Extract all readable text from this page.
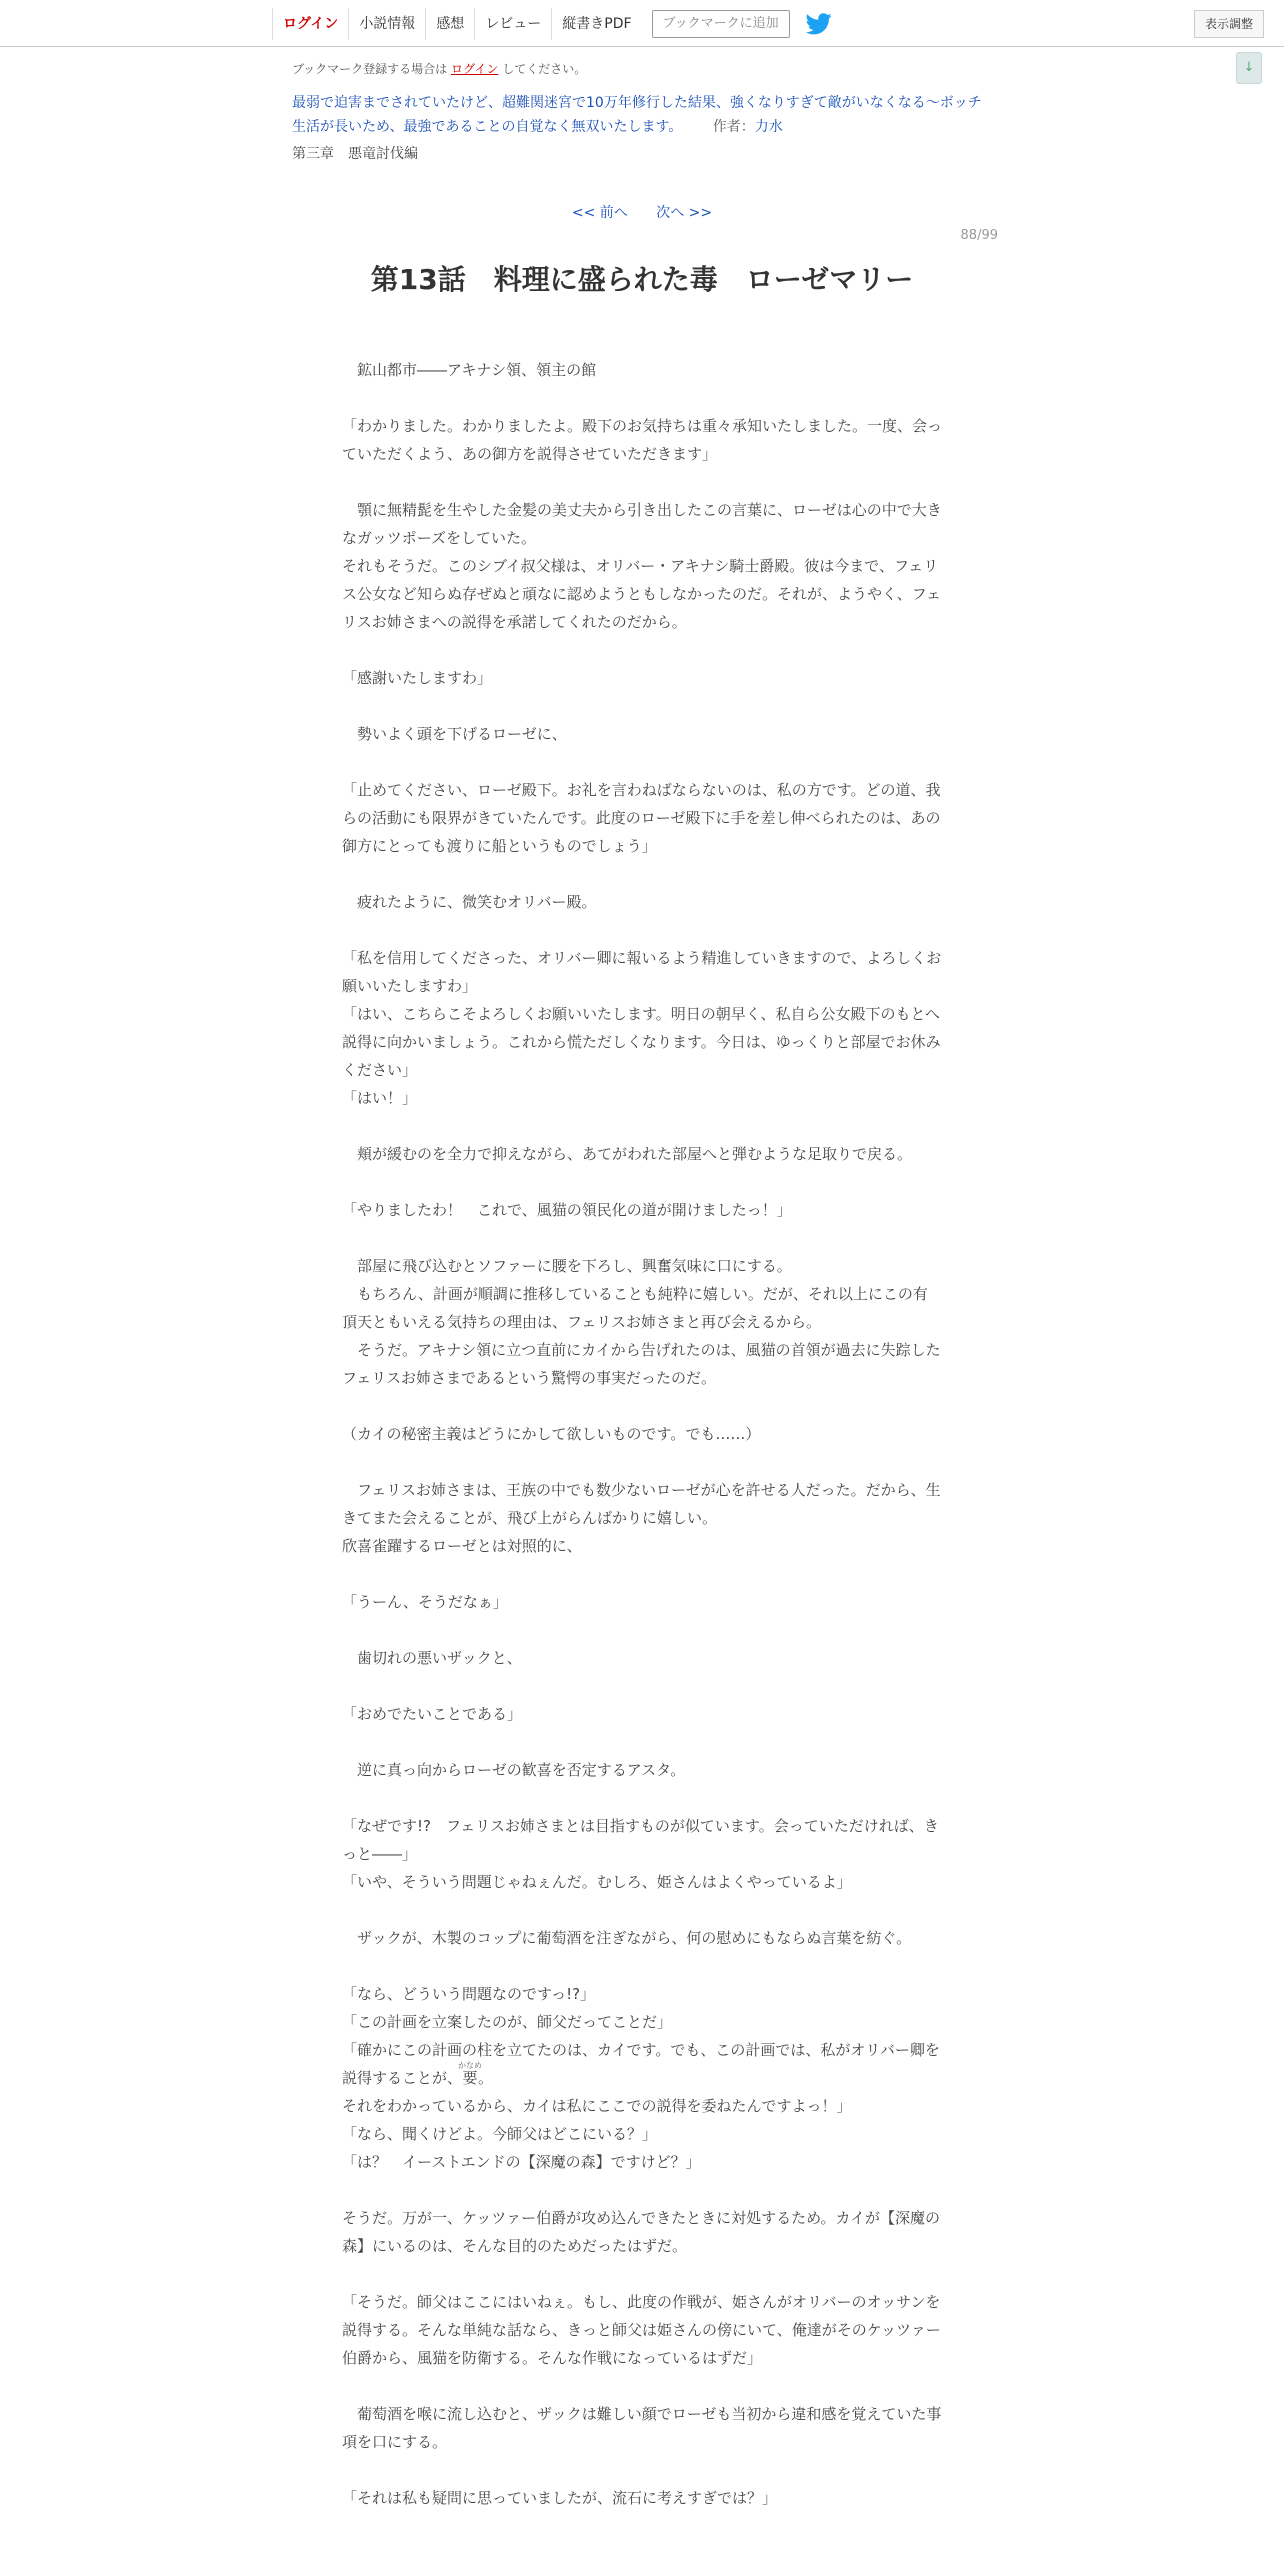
ログイン	小説情報	感想	レビュー	縦書きPDF	ブックマークに追加	表示調整
↓
ブックマーク登録する場合は ログイン してください。
最弱で迫害までされていたけど、超難関迷宮で10万年修行した結果、強くなりすぎて敵がいなくなる～ボッチ生活が長いため、最強であることの自覚なく無双いたします。 作者：力水
第三章　悪竜討伐編
<< 前へ 次へ >>
88/99
第13話　料理に盛られた毒　ローゼマリー

　鉱山都市――アキナシ領、領主の館

「わかりました。わかりましたよ。殿下のお気持ちは重々承知いたしました。一度、会っていただくよう、あの御方を説得させていただきます」

　顎に無精髭を生やした金髪の美丈夫から引き出したこの言葉に、ローゼは心の中で大きなガッツポーズをしていた。

それもそうだ。このシブイ叔父様は、オリバー・アキナシ騎士爵殿。彼は今まで、フェリス公女など知らぬ存ぜぬと頑なに認めようともしなかったのだ。それが、ようやく、フェリスお姉さまへの説得を承諾してくれたのだから。

「感謝いたしますわ」

　勢いよく頭を下げるローゼに、

「止めてください、ローゼ殿下。お礼を言わねばならないのは、私の方です。どの道、我らの活動にも限界がきていたんです。此度のローゼ殿下に手を差し伸べられたのは、あの御方にとっても渡りに船というものでしょう」

　疲れたように、微笑むオリバー殿。

「私を信用してくださった、オリバー卿に報いるよう精進していきますので、よろしくお願いいたしますわ」

「はい、こちらこそよろしくお願いいたします。明日の朝早く、私自ら公女殿下のもとへ説得に向かいましょう。これから慌ただしくなります。今日は、ゆっくりと部屋でお休みください」

「はい！」

　頬が緩むのを全力で抑えながら、あてがわれた部屋へと弾むような足取りで戻る。

「やりましたわ！　これで、風猫の領民化の道が開けましたっ！」

　部屋に飛び込むとソファーに腰を下ろし、興奮気味に口にする。

　もちろん、計画が順調に推移していることも純粋に嬉しい。だが、それ以上にこの有頂天ともいえる気持ちの理由は、フェリスお姉さまと再び会えるから。

　そうだ。アキナシ領に立つ直前にカイから告げれたのは、風猫の首領が過去に失踪したフェリスお姉さまであるという驚愕の事実だったのだ。

（カイの秘密主義はどうにかして欲しいものです。でも……）

　フェリスお姉さまは、王族の中でも数少ないローゼが心を許せる人だった。だから、生きてまた会えることが、飛び上がらんばかりに嬉しい。

欣喜雀躍するローゼとは対照的に、

「うーん、そうだなぁ」

　歯切れの悪いザックと、

「おめでたいことである」

　逆に真っ向からローゼの歓喜を否定するアスタ。

「なぜです!?　フェリスお姉さまとは目指すものが似ています。会っていただければ、きっと――」

「いや、そういう問題じゃねぇんだ。むしろ、姫さんはよくやっているよ」

　ザックが、木製のコップに葡萄酒を注ぎながら、何の慰めにもならぬ言葉を紡ぐ。

「なら、どういう問題なのですっ!?」

「この計画を立案したのが、師父だってことだ」

「確かにこの計画の柱を立てたのは、カイです。でも、この計画では、私がオリバー卿を説得することが、要かなめ。

それをわかっているから、カイは私にここでの説得を委ねたんですよっ！」

「なら、聞くけどよ。今師父はどこにいる？」

「は？　イーストエンドの【深魔の森】ですけど？」

そうだ。万が一、ケッツァー伯爵が攻め込んできたときに対処するため。カイが【深魔の森】にいるのは、そんな目的のためだったはずだ。

「そうだ。師父はここにはいねぇ。もし、此度の作戦が、姫さんがオリバーのオッサンを説得する。そんな単純な話なら、きっと師父は姫さんの傍にいて、俺達がそのケッツァー伯爵から、風猫を防衛する。そんな作戦になっているはずだ」

　葡萄酒を喉に流し込むと、ザックは難しい顔でローゼも当初から違和感を覚えていた事項を口にする。

「それは私も疑問に思っていましたが、流石に考えすぎでは？」
